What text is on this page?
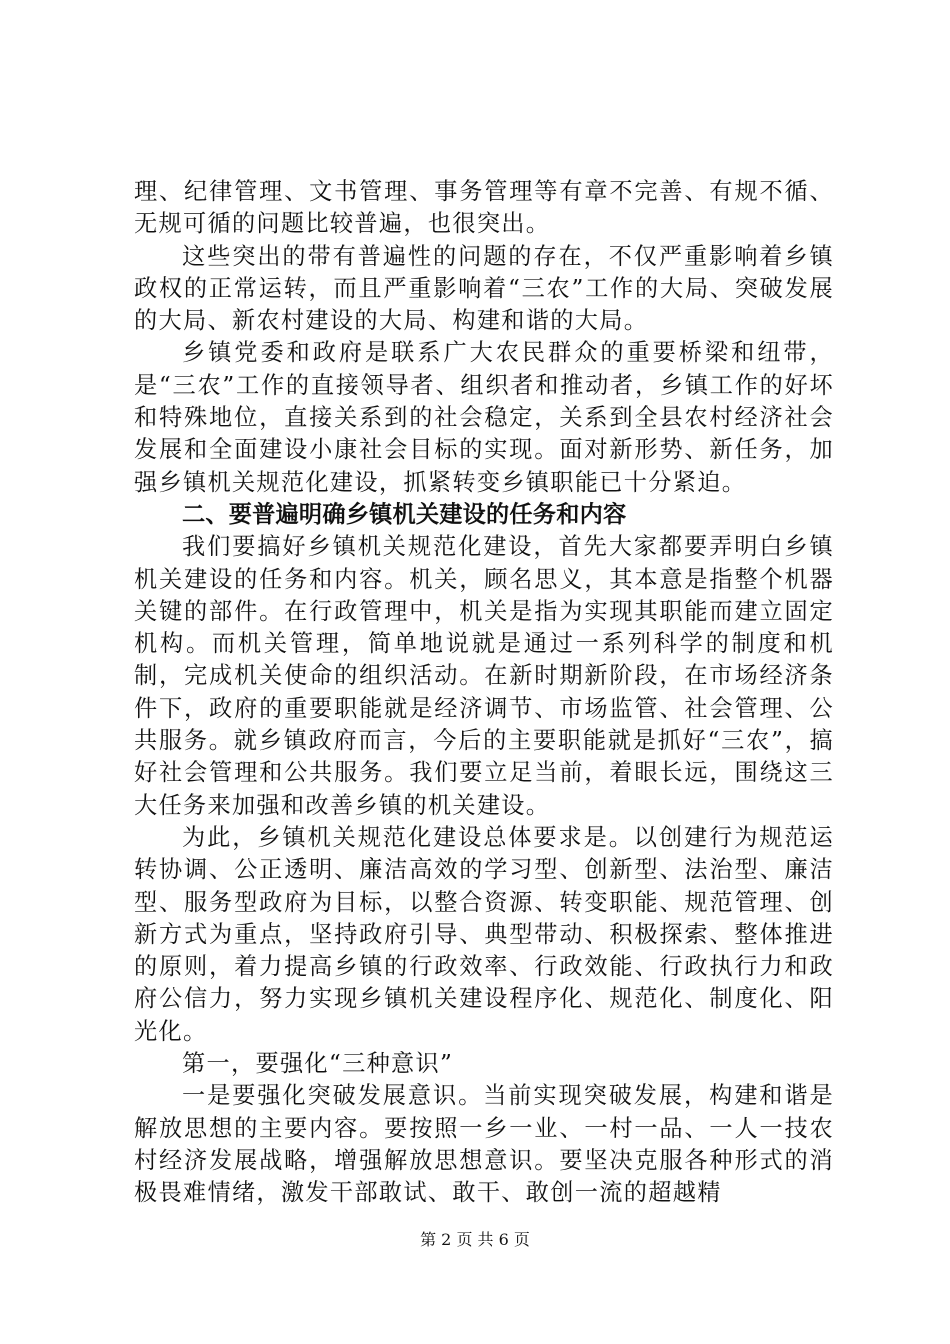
理、纪律管理、文书管理、事务管理等有章不完善、有规不循、无规可循的问题比较普遍，也很突出。

这些突出的带有普遍性的问题的存在，不仅严重影响着乡镇政权的正常运转，而且严重影响着“三农”工作的大局、突破发展的大局、新农村建设的大局、构建和谐的大局。

乡镇党委和政府是联系广大农民群众的重要桥梁和纽带，是“三农”工作的直接领导者、组织者和推动者，乡镇工作的好坏和特殊地位，直接关系到的社会稳定，关系到全县农村经济社会发展和全面建设小康社会目标的实现。面对新形势、新任务，加强乡镇机关规范化建设，抓紧转变乡镇职能已十分紧迫。

二、要普遍明确乡镇机关建设的任务和内容

我们要搞好乡镇机关规范化建设，首先大家都要弄明白乡镇机关建设的任务和内容。机关，顾名思义，其本意是指整个机器关键的部件。在行政管理中，机关是指为实现其职能而建立固定机构。而机关管理，简单地说就是通过一系列科学的制度和机制，完成机关使命的组织活动。在新时期新阶段，在市场经济条件下，政府的重要职能就是经济调节、市场监管、社会管理、公共服务。就乡镇政府而言，今后的主要职能就是抓好“三农”，搞好社会管理和公共服务。我们要立足当前，着眼长远，围绕这三大任务来加强和改善乡镇的机关建设。

为此，乡镇机关规范化建设总体要求是。以创建行为规范运转协调、公正透明、廉洁高效的学习型、创新型、法治型、廉洁型、服务型政府为目标，以整合资源、转变职能、规范管理、创新方式为重点，坚持政府引导、典型带动、积极探索、整体推进的原则，着力提高乡镇的行政效率、行政效能、行政执行力和政府公信力，努力实现乡镇机关建设程序化、规范化、制度化、阳光化。

第一，要强化“三种意识”

一是要强化突破发展意识。当前实现突破发展，构建和谐是解放思想的主要内容。要按照一乡一业、一村一品、一人一技农村经济发展战略，增强解放思想意识。要坚决克服各种形式的消极畏难情绪，激发干部敢试、敢干、敢创一流的超越精

第 2 页 共 6 页
